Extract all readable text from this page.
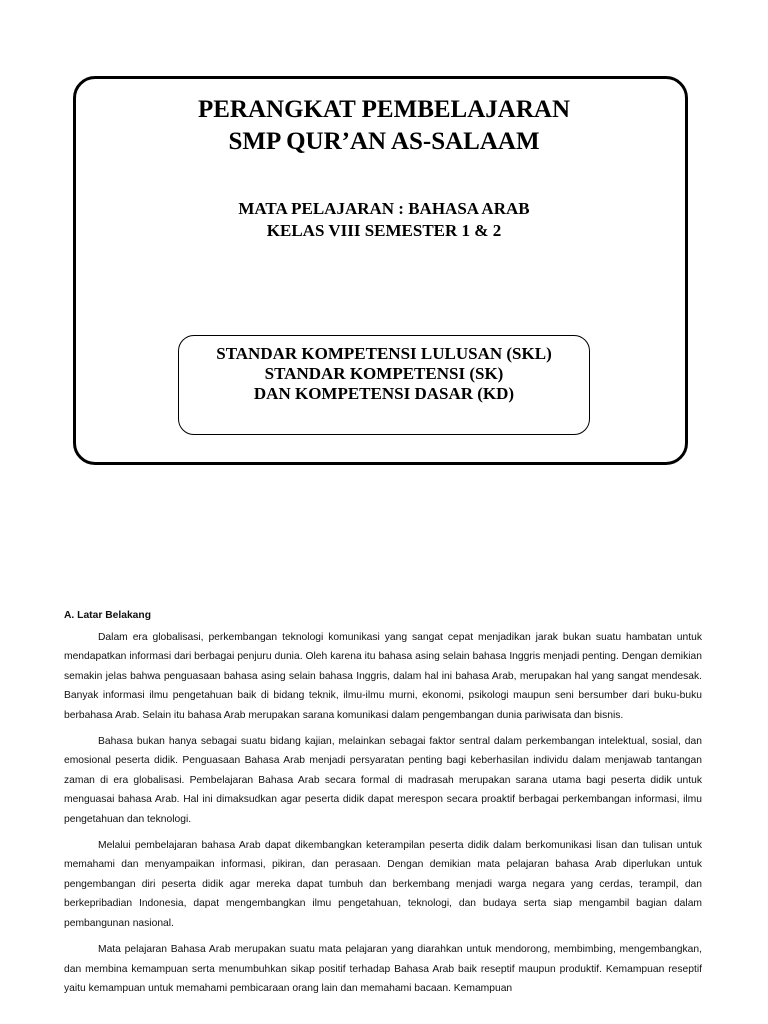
PERANGKAT PEMBELAJARAN
SMP QUR’AN AS-SALAAM
MATA PELAJARAN : BAHASA ARAB
KELAS VIII SEMESTER 1 & 2
STANDAR KOMPETENSI LULUSAN (SKL)
STANDAR KOMPETENSI (SK)
DAN KOMPETENSI DASAR (KD)
A. Latar Belakang

Dalam era globalisasi, perkembangan teknologi komunikasi yang sangat cepat menjadikan jarak bukan suatu hambatan untuk mendapatkan informasi dari berbagai penjuru dunia. Oleh karena itu bahasa asing selain bahasa Inggris menjadi penting. Dengan demikian semakin jelas bahwa penguasaan bahasa asing selain bahasa Inggris, dalam hal ini bahasa Arab, merupakan hal yang sangat mendesak. Banyak informasi ilmu pengetahuan baik di bidang teknik, ilmu-ilmu murni, ekonomi, psikologi maupun seni bersumber dari buku-buku berbahasa Arab. Selain itu bahasa Arab merupakan sarana komunikasi dalam pengembangan dunia pariwisata dan bisnis.

Bahasa bukan hanya sebagai suatu bidang kajian, melainkan sebagai faktor sentral dalam perkembangan intelektual, sosial, dan emosional peserta didik. Penguasaan Bahasa Arab menjadi persyaratan penting bagi keberhasilan individu dalam menjawab tantangan zaman di era globalisasi. Pembelajaran Bahasa Arab secara formal di madrasah merupakan sarana utama bagi peserta didik untuk menguasai bahasa Arab. Hal ini dimaksudkan agar peserta didik dapat merespon secara proaktif berbagai perkembangan informasi, ilmu pengetahuan dan teknologi.

Melalui pembelajaran bahasa Arab dapat dikembangkan keterampilan peserta didik dalam berkomunikasi lisan dan tulisan untuk memahami dan menyampaikan informasi, pikiran, dan perasaan. Dengan demikian mata pelajaran bahasa Arab diperlukan untuk pengembangan diri peserta didik agar mereka dapat tumbuh dan berkembang menjadi warga negara yang cerdas, terampil, dan berkepribadian Indonesia, dapat mengembangkan ilmu pengetahuan, teknologi, dan budaya serta siap mengambil bagian dalam pembangunan nasional.

Mata pelajaran Bahasa Arab merupakan suatu mata pelajaran yang diarahkan untuk mendorong, membimbing, mengembangkan, dan membina kemampuan serta menumbuhkan sikap positif terhadap Bahasa Arab baik reseptif maupun produktif. Kemampuan reseptif yaitu kemampuan untuk memahami pembicaraan orang lain dan memahami bacaan. Kemampuan
